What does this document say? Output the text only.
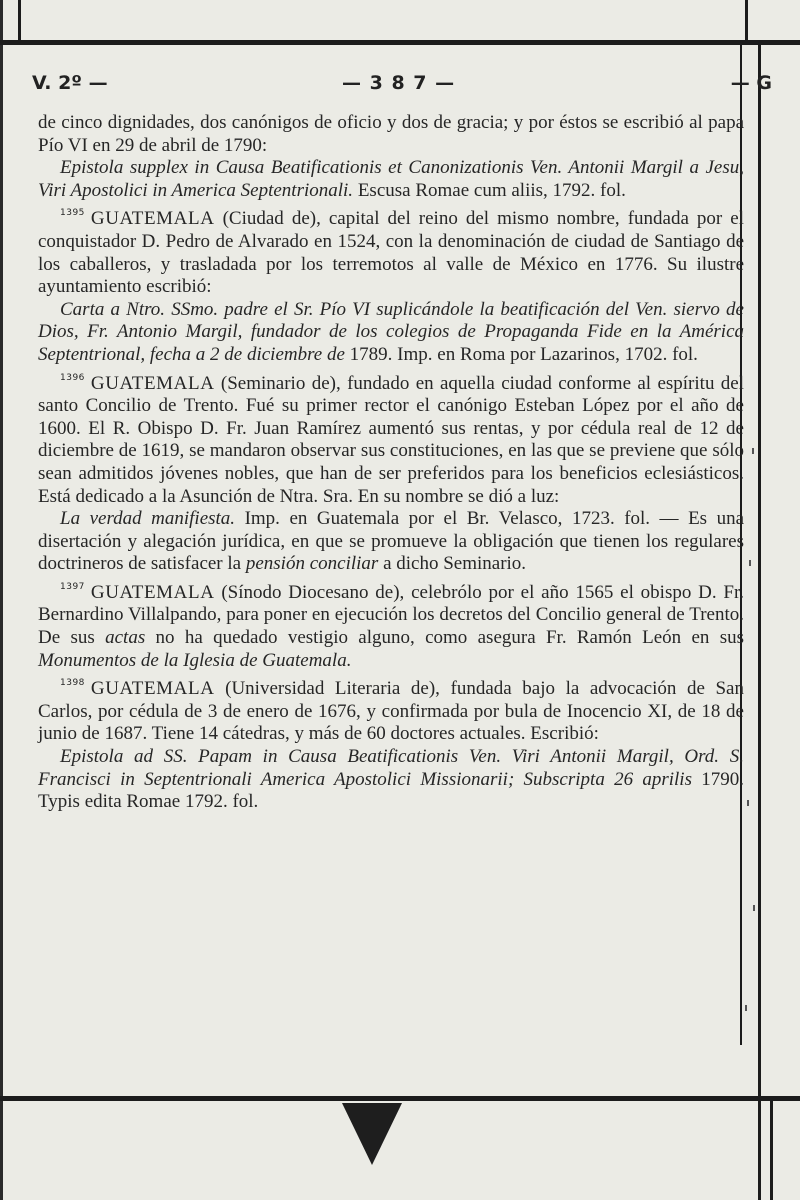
V. 2º —	— 3 8 7 —	— G

de cinco dignidades, dos canónigos de oficio y dos de gracia; y por éstos se escribió al papa Pío VI en 29 de abril de 1790:

Epistola supplex in Causa Beatificationis et Canonizationis Ven. Antonii Margil a Jesu, Viri Apostolici in America Septentrionali. Escusa Romae cum aliis, 1792. fol.

$^{1395}$ GUATEMALA (Ciudad de), capital del reino del mismo nombre, fundada por el conquistador D. Pedro de Alvarado en 1524, con la denominación de ciudad de Santiago de los caballeros, y trasladada por los terremotos al valle de México en 1776. Su ilustre ayuntamiento escribió:

Carta a Ntro. SSmo. padre el Sr. Pío VI suplicándole la beatificación del Ven. siervo de Dios, Fr. Antonio Margil, fundador de los colegios de Propaganda Fide en la América Septentrional, fecha a 2 de diciembre de 1789. Imp. en Roma por Lazarinos, 1702. fol.

$^{1396}$ GUATEMALA (Seminario de), fundado en aquella ciudad conforme al espíritu del santo Concilio de Trento. Fué su primer rector el canónigo Esteban López por el año de 1600. El R. Obispo D. Fr. Juan Ramírez aumentó sus rentas, y por cédula real de 12 de diciembre de 1619, se mandaron observar sus constituciones, en las que se previene que sólo sean admitidos jóvenes nobles, que han de ser preferidos para los beneficios eclesiásticos. Está dedicado a la Asunción de Ntra. Sra. En su nombre se dió a luz:

La verdad manifiesta. Imp. en Guatemala por el Br. Velasco, 1723. fol. — Es una disertación y alegación jurídica, en que se promueve la obligación que tienen los regulares doctrineros de satisfacer la pensión conciliar a dicho Seminario.

$^{1397}$ GUATEMALA (Sínodo Diocesano de), celebrólo por el año 1565 el obispo D. Fr. Bernardino Villalpando, para poner en ejecución los decretos del Concilio general de Trento. De sus actas no ha quedado vestigio alguno, como asegura Fr. Ramón León en sus Monumentos de la Iglesia de Guatemala.

$^{1398}$ GUATEMALA (Universidad Literaria de), fundada bajo la advocación de San Carlos, por cédula de 3 de enero de 1676, y confirmada por bula de Inocencio XI, de 18 de junio de 1687. Tiene 14 cátedras, y más de 60 doctores actuales. Escribió:

Epistola ad SS. Papam in Causa Beatificationis Ven. Viri Antonii Margil, Ord. S. Francisci in Septentrionali America Apostolici Missionarii; Subscripta 26 aprilis 1790. Typis edita Romae 1792. fol.
